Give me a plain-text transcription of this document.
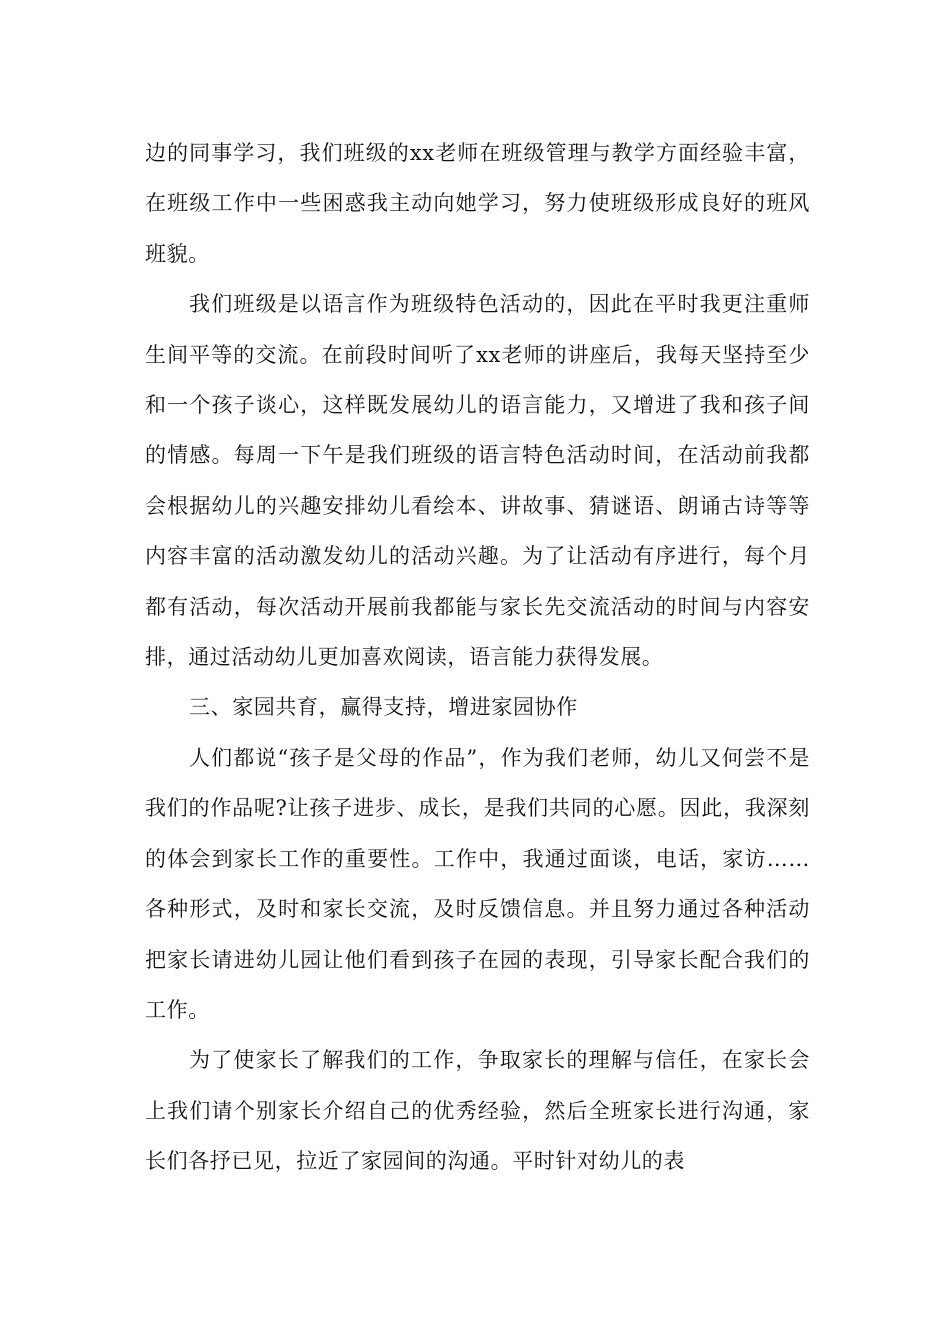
边的同事学习，我们班级的xx老师在班级管理与教学方面经验丰富，在班级工作中一些困惑我主动向她学习，努力使班级形成良好的班风班貌。

我们班级是以语言作为班级特色活动的，因此在平时我更注重师生间平等的交流。在前段时间听了xx老师的讲座后，我每天坚持至少和一个孩子谈心，这样既发展幼儿的语言能力，又增进了我和孩子间的情感。每周一下午是我们班级的语言特色活动时间，在活动前我都会根据幼儿的兴趣安排幼儿看绘本、讲故事、猜谜语、朗诵古诗等等内容丰富的活动激发幼儿的活动兴趣。为了让活动有序进行，每个月都有活动，每次活动开展前我都能与家长先交流活动的时间与内容安排，通过活动幼儿更加喜欢阅读，语言能力获得发展。

三、家园共育，赢得支持，增进家园协作

人们都说“孩子是父母的作品”，作为我们老师，幼儿又何尝不是我们的作品呢?让孩子进步、成长，是我们共同的心愿。因此，我深刻的体会到家长工作的重要性。工作中，我通过面谈，电话，家访……各种形式，及时和家长交流，及时反馈信息。并且努力通过各种活动把家长请进幼儿园让他们看到孩子在园的表现，引导家长配合我们的工作。

为了使家长了解我们的工作，争取家长的理解与信任，在家长会上我们请个别家长介绍自己的优秀经验，然后全班家长进行沟通，家长们各抒已见，拉近了家园间的沟通。平时针对幼儿的表
